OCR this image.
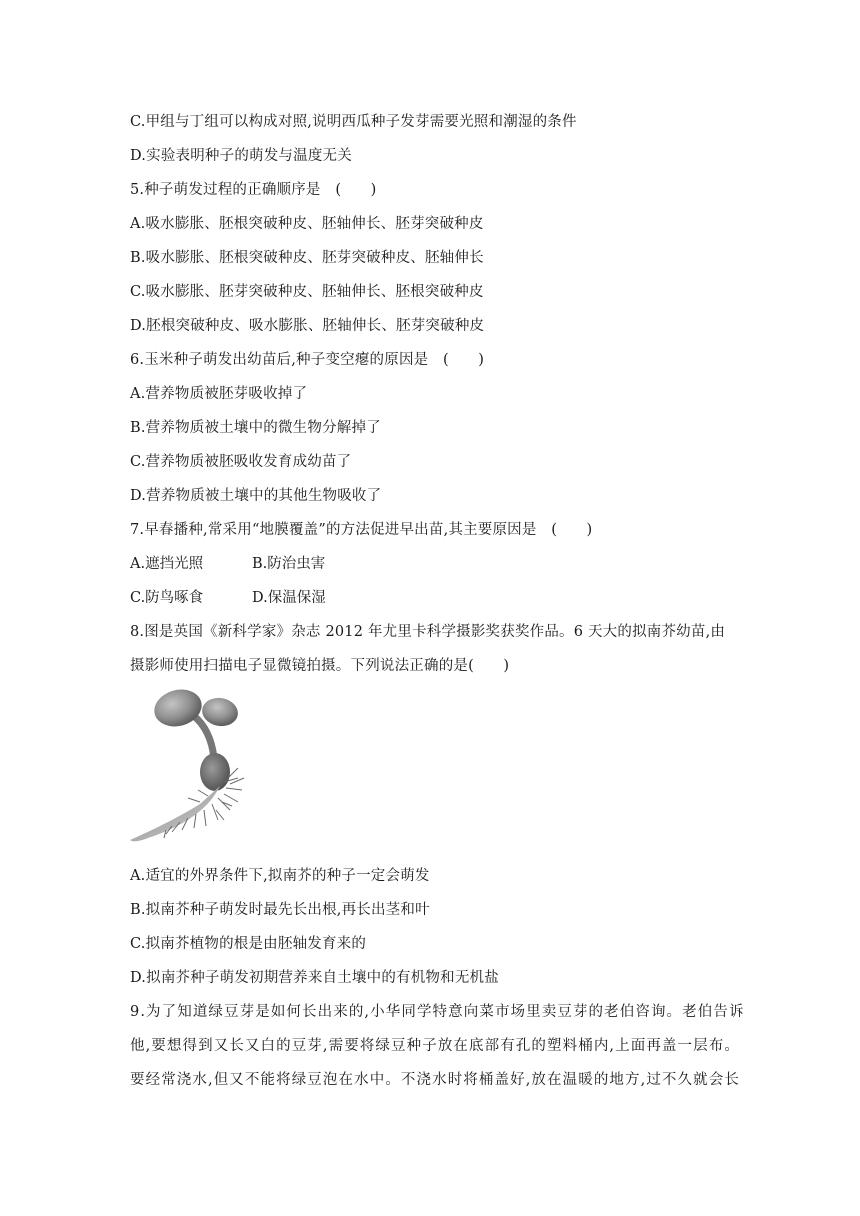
C.甲组与丁组可以构成对照,说明西瓜种子发芽需要光照和潮湿的条件
D.实验表明种子的萌发与温度无关
5.种子萌发过程的正确顺序是　(　　)
A.吸水膨胀、胚根突破种皮、胚轴伸长、胚芽突破种皮
B.吸水膨胀、胚根突破种皮、胚芽突破种皮、胚轴伸长
C.吸水膨胀、胚芽突破种皮、胚轴伸长、胚根突破种皮
D.胚根突破种皮、吸水膨胀、胚轴伸长、胚芽突破种皮
6.玉米种子萌发出幼苗后,种子变空瘪的原因是　(　　)
A.营养物质被胚芽吸收掉了
B.营养物质被土壤中的微生物分解掉了
C.营养物质被胚吸收发育成幼苗了
D.营养物质被土壤中的其他生物吸收了
7.早春播种,常采用“地膜覆盖”的方法促进早出苗,其主要原因是　(　　)
A.遮挡光照	B.防治虫害
C.防鸟啄食	D.保温保湿
8.图是英国《新科学家》杂志 2012 年尤里卡科学摄影奖获奖作品。6 天大的拟南芥幼苗,由
摄影师使用扫描电子显微镜拍摄。下列说法正确的是(　　)
A.适宜的外界条件下,拟南芥的种子一定会萌发
B.拟南芥种子萌发时最先长出根,再长出茎和叶
C.拟南芥植物的根是由胚轴发育来的
D.拟南芥种子萌发初期营养来自土壤中的有机物和无机盐
9.为了知道绿豆芽是如何长出来的,小华同学特意向菜市场里卖豆芽的老伯咨询。老伯告诉
他,要想得到又长又白的豆芽,需要将绿豆种子放在底部有孔的塑料桶内,上面再盖一层布。
要经常浇水,但又不能将绿豆泡在水中。不浇水时将桶盖好,放在温暖的地方,过不久就会长
